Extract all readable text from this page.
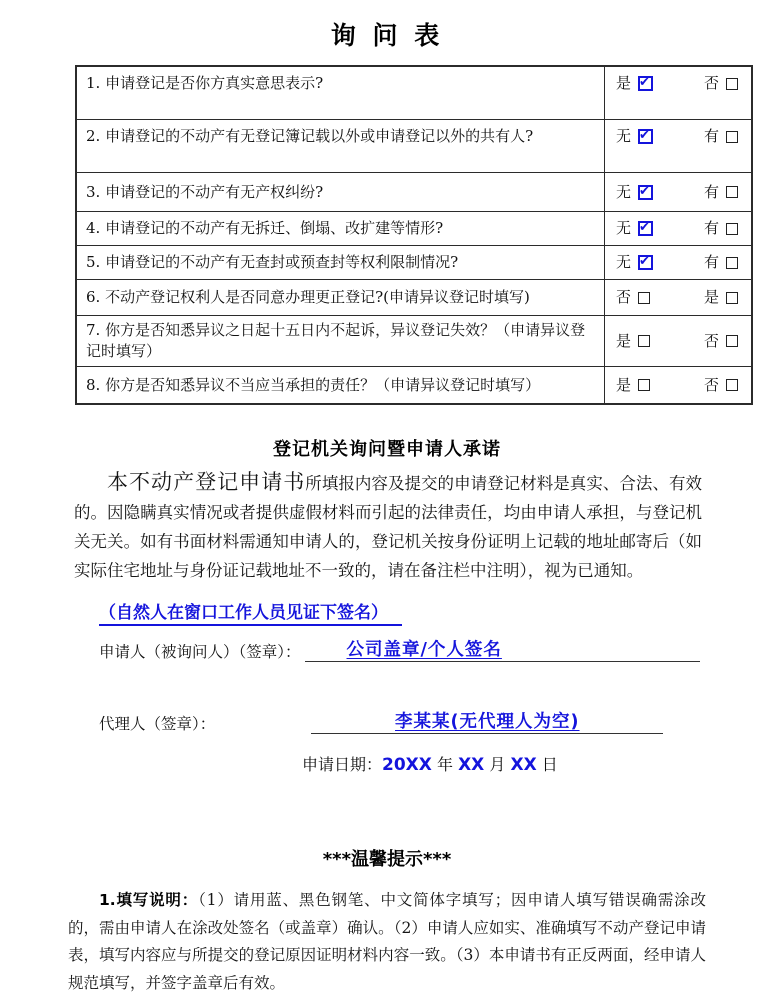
询 问 表
1. 申请登记是否你方真实意思表示?	是 ✔ 否

2. 申请登记的不动产有无登记簿记载以外或申请登记以外的共有人?	无 ✔ 有

3. 申请登记的不动产有无产权纠纷?	无 ✔ 有

4. 申请登记的不动产有无拆迁、倒塌、改扩建等情形?	无 ✔ 有

5. 申请登记的不动产有无查封或预查封等权利限制情况?	无 ✔ 有

6. 不动产登记权利人是否同意办理更正登记?(申请异议登记时填写)	否 是

7. 你方是否知悉异议之日起十五日内不起诉，异议登记失效？（申请异议登记时填写）	是 否

8. 你方是否知悉异议不当应当承担的责任？（申请异议登记时填写）	是 否
登记机关询问暨申请人承诺

本不动产登记申请书所填报内容及提交的申请登记材料是真实、合法、有效的。因隐瞒真实情况或者提供虚假材料而引起的法律责任，均由申请人承担，与登记机关无关。如有书面材料需通知申请人的，登记机关按身份证明上记载的地址邮寄后（如实际住宅地址与身份证记载地址不一致的，请在备注栏中注明），视为已通知。

（自然人在窗口工作人员见证下签名）
申请人（被询问人）（签章）：	公司盖章/个人签名
代理人（签章）：	李某某(无代理人为空)
申请日期：20XX 年 XX 月 XX 日
***温馨提示***

1.填写说明：（1）请用蓝、黑色钢笔、中文简体字填写；因申请人填写错误确需涂改的，需由申请人在涂改处签名（或盖章）确认。（2）申请人应如实、准确填写不动产登记申请表，填写内容应与所提交的登记原因证明材料内容一致。（3）本申请书有正反两面，经申请人规范填写，并签字盖章后有效。
